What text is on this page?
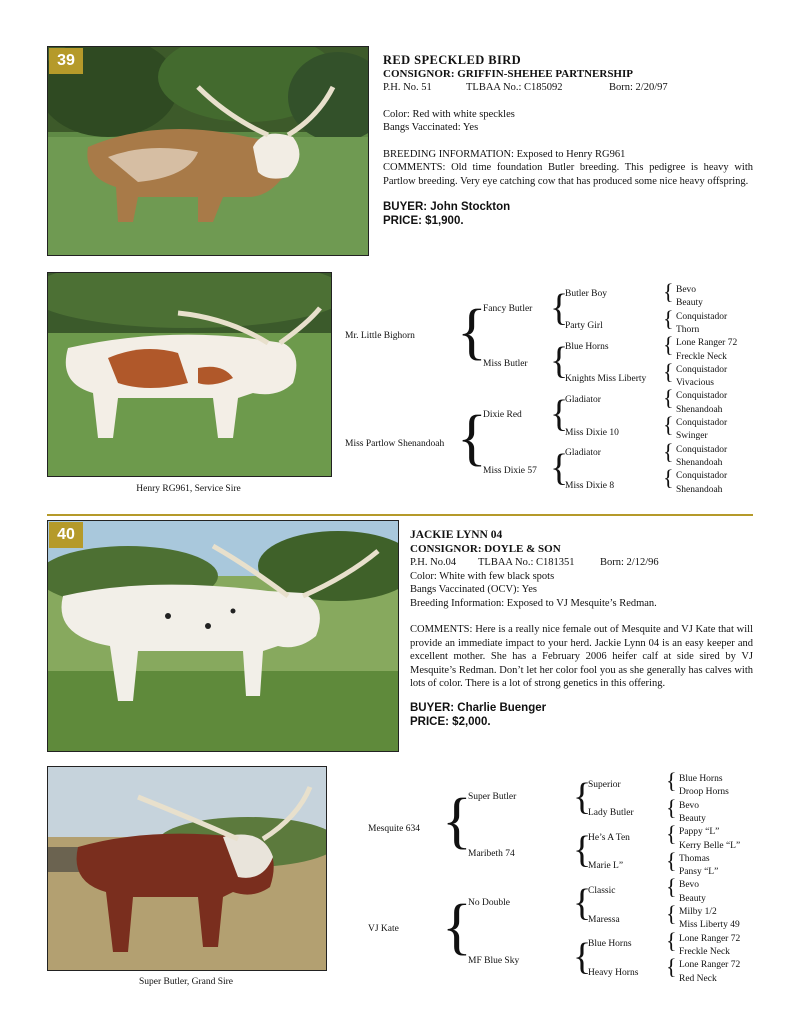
39	RED SPECKLED BIRD
CONSIGNOR: GRIFFIN-SHEHEE PARTNERSHIP
P.H. No. 51	TLBAA No.: C185092	Born: 2/20/97
Color: Red with white speckles
Bangs Vaccinated: Yes
BREEDING INFORMATION: Exposed to Henry RG961

COMMENTS: Old time foundation Butler breeding. This pedigree is heavy with Partlow breeding. Very eye catching cow that has produced some nice heavy offspring.

BUYER: John Stockton
PRICE: $1,900.
Henry RG961, Service Sire
Bevo
Beauty
Conquistador
Thorn
Lone Ranger 72
Freckle Neck
Conquistador
Vivacious
Conquistador
Shenandoah
Conquistador
Swinger
Conquistador
Shenandoah
Conquistador
Shenandoah
Butler Boy	{
Party Girl	{
Blue Horns {
Knights Miss Liberty {
Gladiator	{
Miss Dixie 10 {
Gladiator	{
Miss Dixie 8 {
Fancy Butler {
Miss Butler {
Dixie Red {
Miss Dixie 57 {
Mr. Little Bighorn {
Miss Partlow Shenandoah {
40	JACKIE LYNN 04
CONSIGNOR: DOYLE & SON
P.H. No.04 TLBAA No.: C181351 Born: 2/12/96
Color: White with few black spots
Bangs Vaccinated (OCV): Yes
Breeding Information: Exposed to VJ Mesquite’s Redman.

COMMENTS: Here is a really nice female out of Mesquite and VJ Kate that will provide an immediate impact to your herd. Jackie Lynn 04 is an easy keeper and excellent mother. She has a February 2006 heifer calf at side sired by VJ Mesquite’s Redman. Don’t let her color fool you as she generally has calves with lots of color. There is a lot of strong genetics in this offering.

BUYER: Charlie Buenger
PRICE: $2,000.
Super Butler, Grand Sire
Blue Horns
Droop Horns
Bevo
Beauty
Pappy “L”
Kerry Belle “L”
Thomas
Pansy “L”
Bevo
Beauty
Milby 1/2
Miss Liberty 49
Lone Ranger 72
Freckle Neck
Lone Ranger 72
Red Neck
Superior {
Lady Butler {
He’s A Ten {
Marie L” {
Classic {
Maressa {
Blue Horns {
Heavy Horns {
Super Butler {
Maribeth 74 {
No Double {
MF Blue Sky {
Mesquite 634 {
VJ Kate {
